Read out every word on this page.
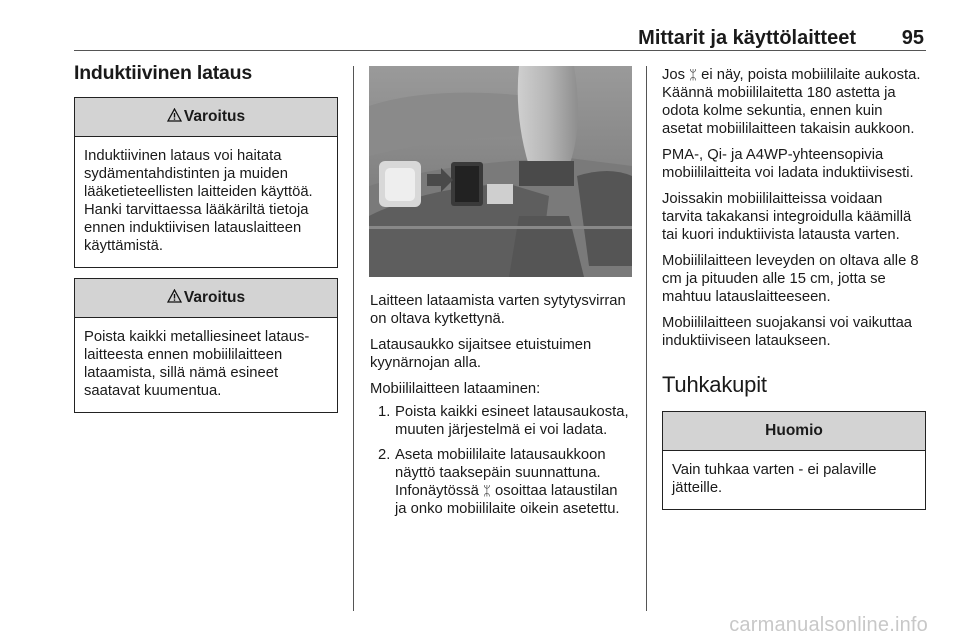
Mittarit ja käyttölaitteet 95
Induktiivinen lataus
Varoitus
Induktiivinen lataus voi haitata sydämentahdistinten ja muiden lääketieteellisten laitteiden käyttöä. Hanki tarvittaessa lääkäriltä tietoja ennen induktiivisen latauslaitteen käyttämistä.
Varoitus
Poista kaikki metalliesineet latauslaitteesta ennen mobiililaitteen lataamista, sillä nämä esineet saatavat kuumentua.

Laitteen lataamista varten sytytysvirran on oltava kytkettynä.

Latausaukko sijaitsee etuistuimen kyynärnojan alla.

Mobiililaitteen lataaminen:

1. Poista kaikki esineet latausaukosta, muuten järjestelmä ei voi ladata.
2. Aseta mobiililaite latausaukkoon näyttö taaksepäin suunnattuna. Infonäytössä ᛯ osoittaa lataustilan ja onko mobiililaite oikein asetettu.

Jos ᛯ ei näy, poista mobiililaite aukosta. Käännä mobiililaitetta 180 astetta ja odota kolme sekuntia, ennen kuin asetat mobiililaitteen takaisin aukkoon.

PMA-, Qi- ja A4WP-yhteensopivia mobiililaitteita voi ladata induktiivisesti.

Joissakin mobiililaitteissa voidaan tarvita takakansi integroidulla käämillä tai kuori induktiivista latausta varten.

Mobiililaitteen leveyden on oltava alle 8 cm ja pituuden alle 15 cm, jotta se mahtuu latauslaitteeseen.

Mobiililaitteen suojakansi voi vaikuttaa induktiiviseen lataukseen.

Tuhkakupit
Huomio
Vain tuhkaa varten - ei palaville jätteille.
carmanualsonline.info
